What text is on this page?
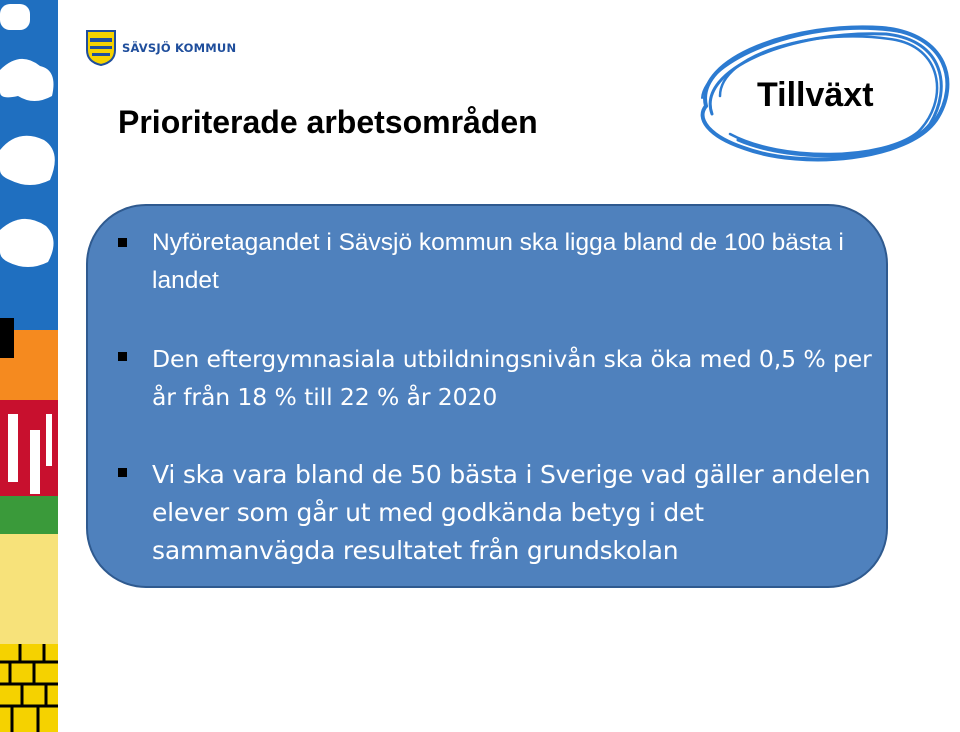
SÄVSJÖ KOMMUN
Prioriterade arbetsområden
Tillväxt

Nyföretagandet i Sävsjö kommun ska ligga bland de 100 bästa i landet

Den eftergymnasiala utbildningsnivån ska öka med 0,5 % per år från 18 % till 22 % år 2020

Vi ska vara bland de 50 bästa i Sverige vad gäller andelen elever som går ut med godkända betyg i det sammanvägda resultatet från grundskolan
